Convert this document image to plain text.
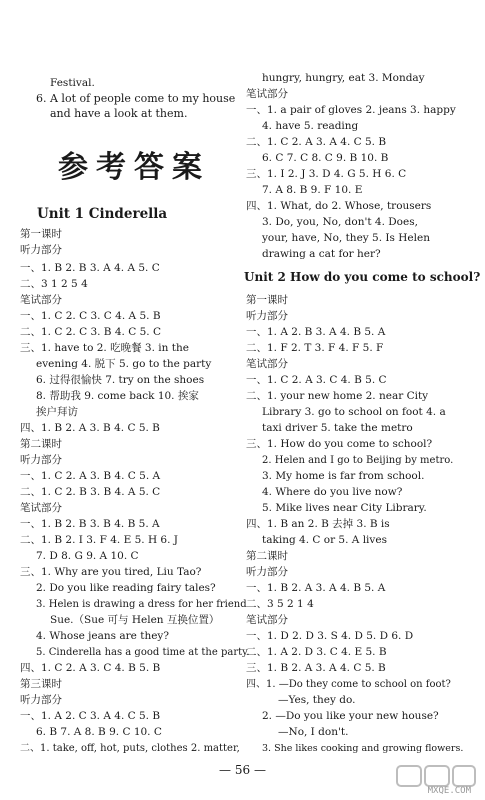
Festival.
6. A lot of people come to my house
and have a look at them.
参考答案
Unit 1 Cinderella
第一课时
听力部分
一、1. B 2. B 3. A 4. A 5. C
二、3 1 2 5 4
笔试部分
一、1. C 2. C 3. C 4. A 5. B
二、1. C 2. C 3. B 4. C 5. C
三、1. have to 2. 吃晚餐 3. in the
evening 4. 脱下 5. go to the party
6. 过得很愉快 7. try on the shoes
8. 帮助我 9. come back 10. 挨家
挨户拜访
四、1. B 2. A 3. B 4. C 5. B
第二课时
听力部分
一、1. C 2. A 3. B 4. C 5. A
二、1. C 2. B 3. B 4. A 5. C
笔试部分
一、1. B 2. B 3. B 4. B 5. A
二、1. B 2. I 3. F 4. E 5. H 6. J
7. D 8. G 9. A 10. C
三、1. Why are you tired, Liu Tao?
2. Do you like reading fairy tales?
3. Helen is drawing a dress for her friend
Sue.（Sue 可与 Helen 互换位置）
4. Whose jeans are they?
5. Cinderella has a good time at the party.
四、1. C 2. A 3. C 4. B 5. B
第三课时
听力部分
一、1. A 2. C 3. A 4. C 5. B
6. B 7. A 8. B 9. C 10. C
二、1. take, off, hot, puts, clothes 2. matter,
hungry, hungry, eat 3. Monday
笔试部分
一、1. a pair of gloves 2. jeans 3. happy
4. have 5. reading
二、1. C 2. A 3. A 4. C 5. B
6. C 7. C 8. C 9. B 10. B
三、1. I 2. J 3. D 4. G 5. H 6. C
7. A 8. B 9. F 10. E
四、1. What, do 2. Whose, trousers
3. Do, you, No, don't 4. Does,
your, have, No, they 5. Is Helen
drawing a cat for her?
Unit 2 How do you come to school?
第一课时
听力部分
一、1. A 2. B 3. A 4. B 5. A
二、1. F 2. T 3. F 4. F 5. F
笔试部分
一、1. C 2. A 3. C 4. B 5. C
二、1. your new home 2. near City
Library 3. go to school on foot 4. a
taxi driver 5. take the metro
三、1. How do you come to school?
2. Helen and I go to Beijing by metro.
3. My home is far from school.
4. Where do you live now?
5. Mike lives near City Library.
四、1. B an 2. B 去掉 3. B is
taking 4. C or 5. A lives
第二课时
听力部分
一、1. B 2. A 3. A 4. B 5. A
二、3 5 2 1 4
笔试部分
一、1. D 2. D 3. S 4. D 5. D 6. D
二、1. A 2. D 3. C 4. E 5. B
三、1. B 2. A 3. A 4. C 5. B
四、1. —Do they come to school on foot?
—Yes, they do.
2. —Do you like your new house?
—No, I don't.
3. She likes cooking and growing flowers.
— 56 —
MXQE.COM
